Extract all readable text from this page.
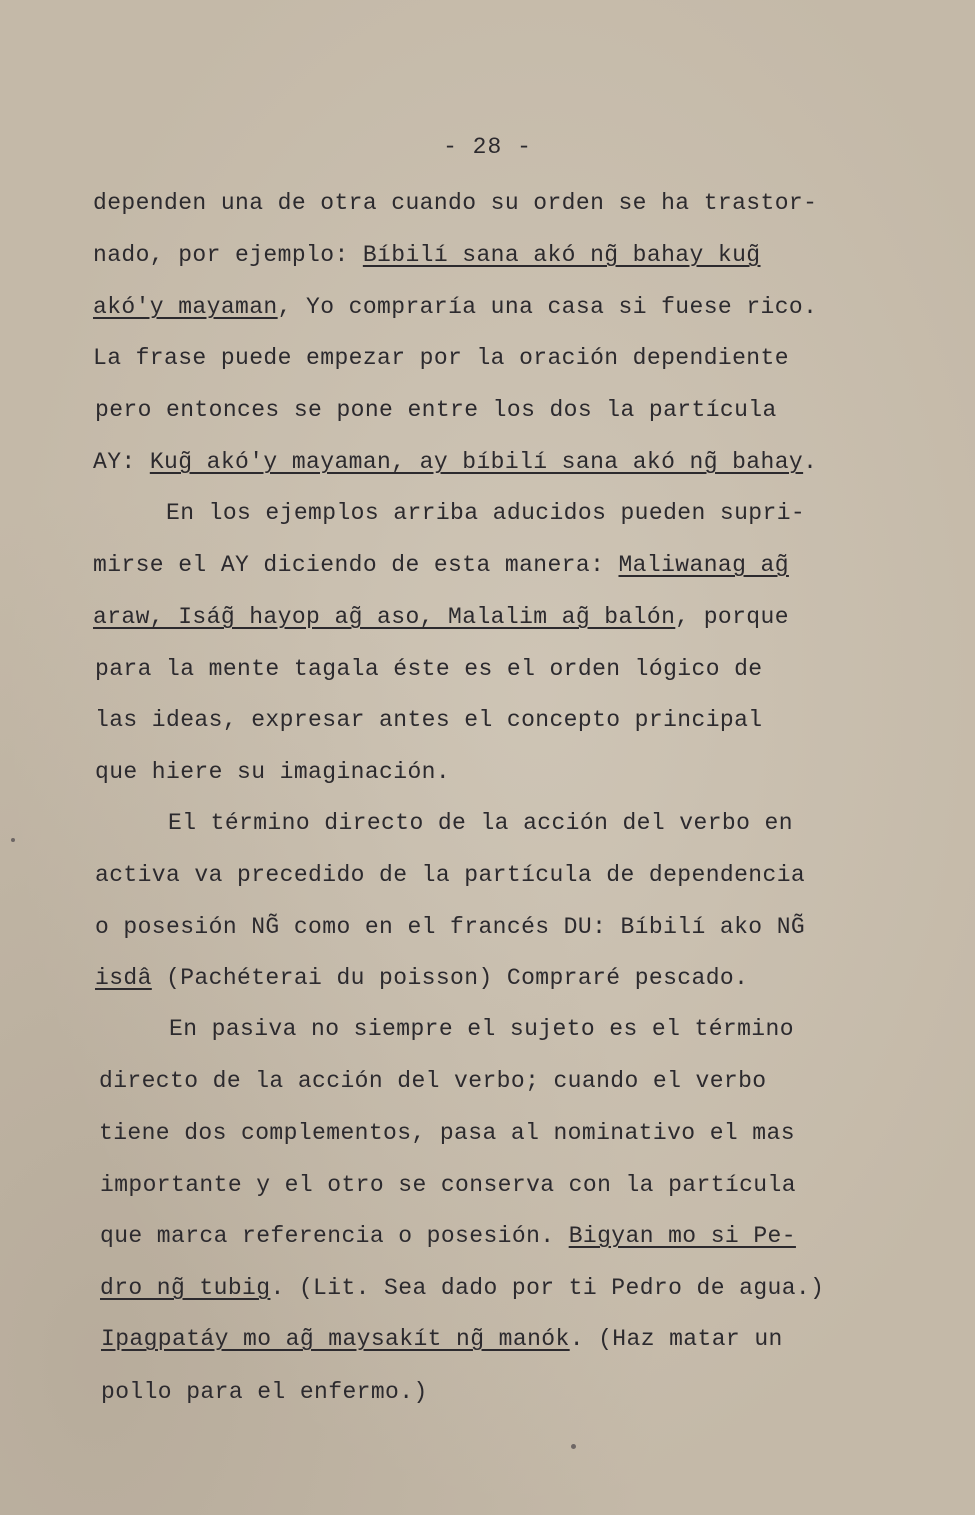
- 28 -
dependen una de otra cuando su orden se ha trastor-
nado, por ejemplo: Bíbilí sana akó ng̃ bahay kug̃
akó'y mayaman, Yo compraría una casa si fuese rico.
La frase puede empezar por la oración dependiente
pero entonces se pone entre los dos la partícula
AY: Kug̃ akó'y mayaman, ay bíbilí sana akó ng̃ bahay.
En los ejemplos arriba aducidos pueden supri-
mirse el AY diciendo de esta manera: Maliwanag ag̃
araw, Iság̃ hayop ag̃ aso, Malalim ag̃ balón, porque
para la mente tagala éste es el orden lógico de
las ideas, expresar antes el concepto principal
que hiere su imaginación.
El término directo de la acción del verbo en
activa va precedido de la partícula de dependencia
o posesión NG̃ como en el francés DU: Bíbilí ako NG̃
isdâ (Pachéterai du poisson) Compraré pescado.
En pasiva no siempre el sujeto es el término
directo de la acción del verbo; cuando el verbo
tiene dos complementos, pasa al nominativo el mas
importante y el otro se conserva con la partícula
que marca referencia o posesión. Bigyan mo si Pe-
dro ng̃ tubig. (Lit. Sea dado por ti Pedro de agua.)
Ipagpatáy mo ag̃ maysakít ng̃ manók. (Haz matar un
pollo para el enfermo.)
